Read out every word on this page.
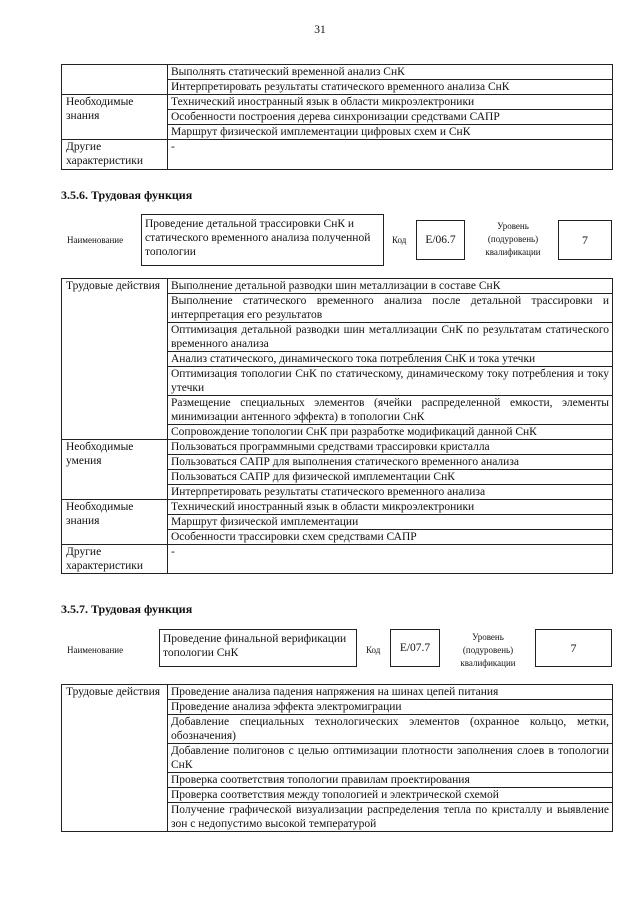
31
	Выполнять статический временной анализ СнК
	Интерпретировать результаты статического временного анализа СнК
Необходимые знания	Технический иностранный язык в области микроэлектроники
	Особенности построения дерева синхронизации средствами САПР
	Маршрут физической имплементации цифровых схем и СнК
Другие характеристики	-
3.5.6. Трудовая функция
Наименование
Проведение детальной трассировки СнК и статического временного анализа полученной топологии
Код	E/06.7
Уровень
(подуровень)
квалификации
7
Трудовые действия	Выполнение детальной разводки шин металлизации в составе СнК
	Выполнение статического временного анализа после детальной трассировки и интерпретация его результатов
	Оптимизация детальной разводки шин металлизации СнК по результатам статического временного анализа
	Анализ статического, динамического тока потребления СнК и тока утечки
	Оптимизация топологии СнК по статическому, динамическому току потребления и току утечки
	Размещение специальных элементов (ячейки распределенной емкости, элементы минимизации антенного эффекта) в топологии СнК
	Сопровождение топологии СнК при разработке модификаций данной СнК
Необходимые умения	Пользоваться программными средствами трассировки кристалла
	Пользоваться САПР для выполнения статического временного анализа
	Пользоваться САПР для физической имплементации СнК
	Интерпретировать результаты статического временного анализа
Необходимые знания	Технический иностранный язык в области микроэлектроники
	Маршрут физической имплементации
	Особенности трассировки схем средствами САПР
Другие характеристики	-
3.5.7. Трудовая функция
Наименование
Проведение финальной верификации топологии СнК	Код	E/07.7
Уровень
(подуровень)
квалификации
7
Трудовые действия	Проведение анализа падения напряжения на шинах цепей питания
Проведение анализа эффекта электромиграции
Добавление специальных технологических элементов (охранное кольцо, метки, обозначения)
Добавление полигонов с целью оптимизации плотности заполнения слоев в топологии СнК
Проверка соответствия топологии правилам проектирования
Проверка соответствия между топологией и электрической схемой
Получение графической визуализации распределения тепла по кристаллу и выявление зон с недопустимо высокой температурой
